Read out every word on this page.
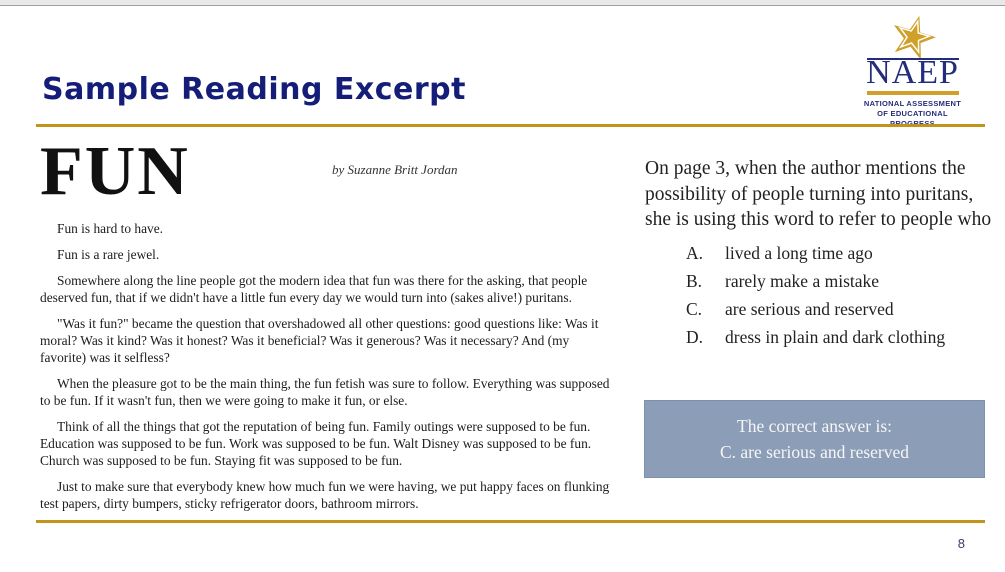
Sample Reading Excerpt	NAEP
NATIONAL ASSESSMENT
OF EDUCATIONAL
FUN	by Suzanne Britt Jordan

Fun is hard to have.

Fun is a rare jewel.

Somewhere along the line people got the modern idea that fun was there for the asking, that people deserved fun, that if we didn't have a little fun every day we would turn into (sakes alive!) puritans.

"Was it fun?" became the question that overshadowed all other questions: good questions like: Was it moral? Was it kind? Was it honest? Was it beneficial? Was it generous? Was it necessary? And (my favorite) was it selfless?

When the pleasure got to be the main thing, the fun fetish was sure to follow. Everything was supposed to be fun. If it wasn't fun, then we were going to make it fun, or else.

Think of all the things that got the reputation of being fun. Family outings were supposed to be fun. Education was supposed to be fun. Work was supposed to be fun. Walt Disney was supposed to be fun. Church was supposed to be fun. Staying fit was supposed to be fun.

Just to make sure that everybody knew how much fun we were having, we put happy faces on flunking test papers, dirty bumpers, sticky refrigerator doors, bathroom mirrors.

On page 3, when the author mentions the possibility of people turning into puritans, she is using this word to refer to people who
A.	lived a long time ago
B.	rarely make a mistake
C.	are serious and reserved
D.	dress in plain and dark clothing
The correct answer is:
C. are serious and reserved
8
